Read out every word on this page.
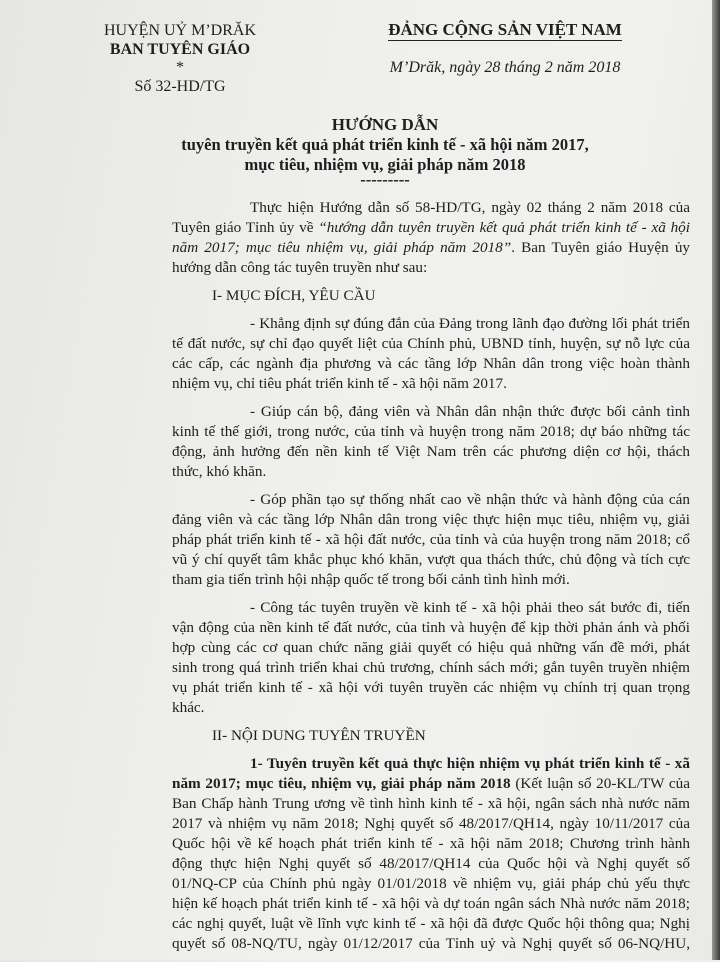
HUYỆN UỶ M’DRĂK
BAN TUYÊN GIÁO
*
Số 32-HD/TG
ĐẢNG CỘNG SẢN VIỆT NAM
M’Drăk, ngày 28 tháng 2 năm 2018
HƯỚNG DẪN
tuyên truyền kết quả phát triển kinh tế - xã hội năm 2017,
mục tiêu, nhiệm vụ, giải pháp năm 2018
---------
Thực hiện Hướng dẫn số 58-HD/TG, ngày 02 tháng 2 năm 2018 của
Tuyên giáo Tỉnh ủy về “hướng dẫn tuyên truyền kết quả phát triển kinh tế - xã hội
năm 2017; mục tiêu nhiệm vụ, giải pháp năm 2018”. Ban Tuyên giáo Huyện ủy
hướng dẫn công tác tuyên truyền như sau:
I- MỤC ĐÍCH, YÊU CẦU
- Khẳng định sự đúng đắn của Đảng trong lãnh đạo đường lối phát triển
tế đất nước, sự chỉ đạo quyết liệt của Chính phủ, UBND tỉnh, huyện, sự nỗ lực của
các cấp, các ngành địa phương và các tầng lớp Nhân dân trong việc hoàn thành
nhiệm vụ, chỉ tiêu phát triển kinh tế - xã hội năm 2017.
- Giúp cán bộ, đảng viên và Nhân dân nhận thức được bối cảnh tình
kinh tế thế giới, trong nước, của tỉnh và huyện trong năm 2018; dự báo những tác
động, ảnh hưởng đến nền kinh tế Việt Nam trên các phương diện cơ hội, thách
thức, khó khăn.
- Góp phần tạo sự thống nhất cao về nhận thức và hành động của cán
đảng viên và các tầng lớp Nhân dân trong việc thực hiện mục tiêu, nhiệm vụ, giải
pháp phát triển kinh tế - xã hội đất nước, của tỉnh và của huyện trong năm 2018; cổ
vũ ý chí quyết tâm khắc phục khó khăn, vượt qua thách thức, chủ động và tích cực
tham gia tiến trình hội nhập quốc tế trong bối cảnh tình hình mới.
- Công tác tuyên truyền về kinh tế - xã hội phải theo sát bước đi, tiến
vận động của nền kinh tế đất nước, của tỉnh và huyện để kịp thời phản ánh và phối
hợp cùng các cơ quan chức năng giải quyết có hiệu quả những vấn đề mới, phát
sinh trong quá trình triển khai chủ trương, chính sách mới; gắn tuyên truyền nhiệm
vụ phát triển kinh tế - xã hội với tuyên truyền các nhiệm vụ chính trị quan trọng
khác.
II- NỘI DUNG TUYÊN TRUYỀN
1- Tuyên truyền kết quả thực hiện nhiệm vụ phát triển kinh tế - xã
năm 2017; mục tiêu, nhiệm vụ, giải pháp năm 2018 (Kết luận số 20-KL/TW của
Ban Chấp hành Trung ương về tình hình kinh tế - xã hội, ngân sách nhà nước năm
2017 và nhiệm vụ năm 2018; Nghị quyết số 48/2017/QH14, ngày 10/11/2017 của
Quốc hội về kế hoạch phát triển kinh tế - xã hội năm 2018; Chương trình hành
động thực hiện Nghị quyết số 48/2017/QH14 của Quốc hội và Nghị quyết số
01/NQ-CP của Chính phủ ngày 01/01/2018 về nhiệm vụ, giải pháp chủ yếu thực
hiện kế hoạch phát triển kinh tế - xã hội và dự toán ngân sách Nhà nước năm 2018;
các nghị quyết, luật về lĩnh vực kinh tế - xã hội đã được Quốc hội thông qua; Nghị
quyết số 08-NQ/TU, ngày 01/12/2017 của Tỉnh uỷ và Nghị quyết số 06-NQ/HU,
